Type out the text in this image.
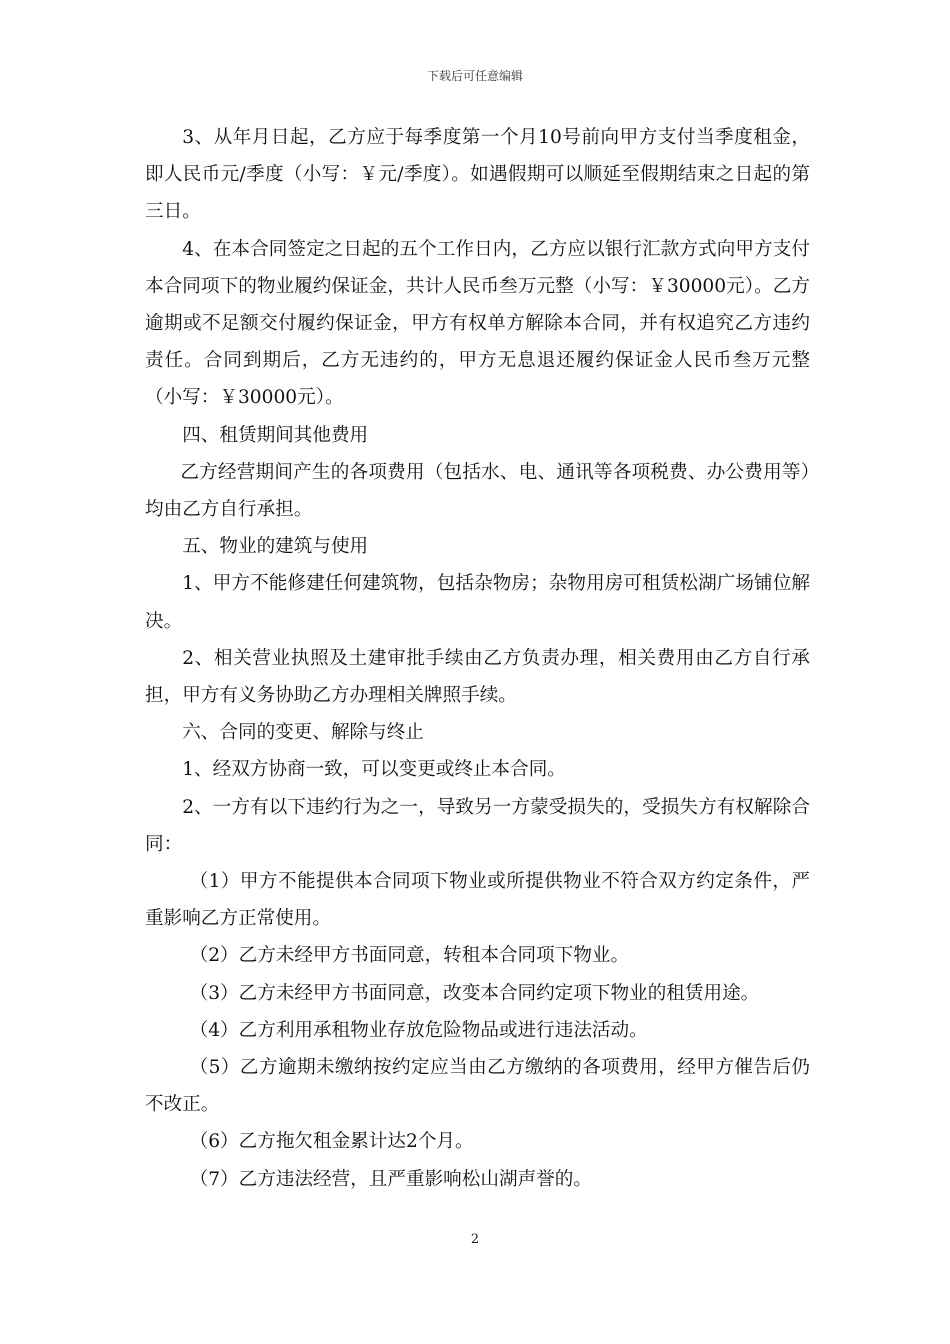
下载后可任意编辑

3、从年月日起，乙方应于每季度第一个月10号前向甲方支付当季度租金，即人民币元/季度（小写：￥元/季度）。如遇假期可以顺延至假期结束之日起的第三日。

4、在本合同签定之日起的五个工作日内，乙方应以银行汇款方式向甲方支付本合同项下的物业履约保证金，共计人民币叁万元整（小写：￥30000元）。乙方逾期或不足额交付履约保证金，甲方有权单方解除本合同，并有权追究乙方违约责任。合同到期后，乙方无违约的，甲方无息退还履约保证金人民币叁万元整（小写：￥30000元）。

四、租赁期间其他费用

乙方经营期间产生的各项费用（包括水、电、通讯等各项税费、办公费用等）均由乙方自行承担。

五、物业的建筑与使用

1、甲方不能修建任何建筑物，包括杂物房；杂物用房可租赁松湖广场铺位解决。

2、相关营业执照及土建审批手续由乙方负责办理，相关费用由乙方自行承担，甲方有义务协助乙方办理相关牌照手续。

六、合同的变更、解除与终止

1、经双方协商一致，可以变更或终止本合同。

2、一方有以下违约行为之一，导致另一方蒙受损失的，受损失方有权解除合同：

（1）甲方不能提供本合同项下物业或所提供物业不符合双方约定条件，严重影响乙方正常使用。

（2）乙方未经甲方书面同意，转租本合同项下物业。

（3）乙方未经甲方书面同意，改变本合同约定项下物业的租赁用途。

（4）乙方利用承租物业存放危险物品或进行违法活动。

（5）乙方逾期未缴纳按约定应当由乙方缴纳的各项费用，经甲方催告后仍不改正。

（6）乙方拖欠租金累计达2个月。

（7）乙方违法经营，且严重影响松山湖声誉的。

2
